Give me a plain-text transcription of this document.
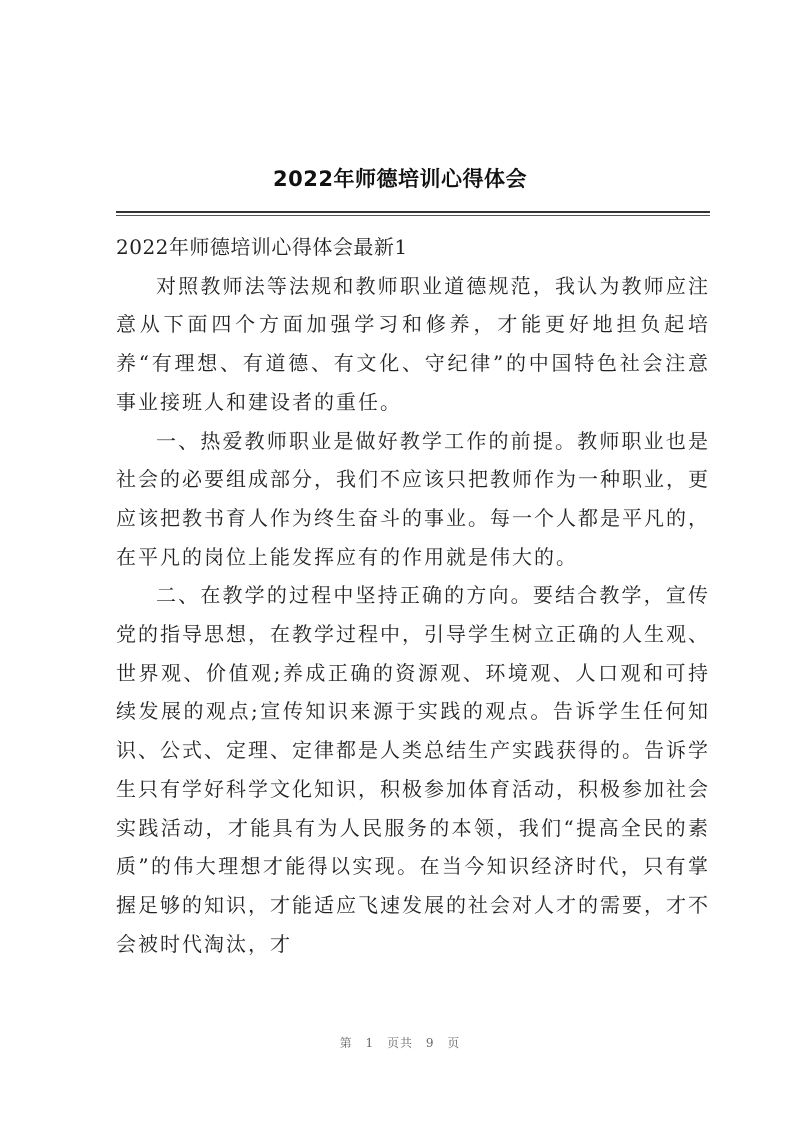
2022年师德培训心得体会

2022年师德培训心得体会最新1

对照教师法等法规和教师职业道德规范，我认为教师应注意从下面四个方面加强学习和修养，才能更好地担负起培养“有理想、有道德、有文化、守纪律”的中国特色社会注意事业接班人和建设者的重任。

一、热爱教师职业是做好教学工作的前提。教师职业也是社会的必要组成部分，我们不应该只把教师作为一种职业，更应该把教书育人作为终生奋斗的事业。每一个人都是平凡的，在平凡的岗位上能发挥应有的作用就是伟大的。

二、在教学的过程中坚持正确的方向。要结合教学，宣传党的指导思想，在教学过程中，引导学生树立正确的人生观、世界观、价值观;养成正确的资源观、环境观、人口观和可持续发展的观点;宣传知识来源于实践的观点。告诉学生任何知识、公式、定理、定律都是人类总结生产实践获得的。告诉学生只有学好科学文化知识，积极参加体育活动，积极参加社会实践活动，才能具有为人民服务的本领，我们“提高全民的素质”的伟大理想才能得以实现。在当今知识经济时代，只有掌握足够的知识，才能适应飞速发展的社会对人才的需要，才不会被时代淘汰，才

第 1 页共 9 页
